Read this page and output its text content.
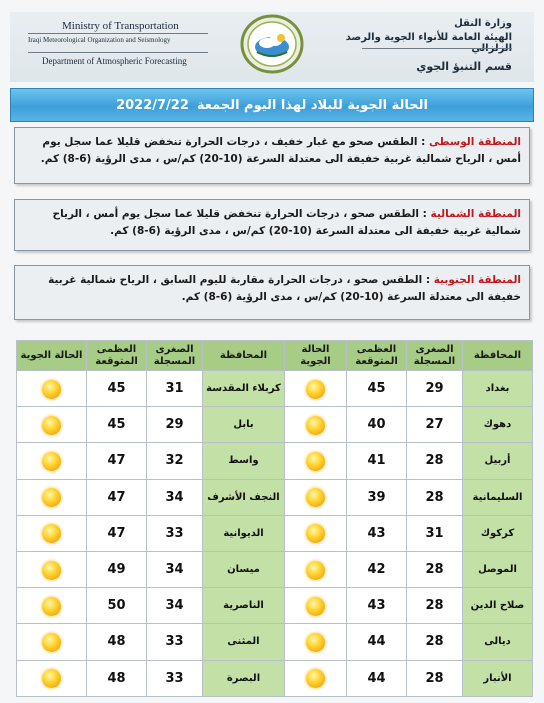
Ministry of Transportation
Iraqi Meteorological Organization and Seismology
Department of Atmospheric Forecasting
وزارة النقل
الهيئة العامة للأنواء الجوية والرصد
قسم التنبؤ الجوي
الحالة الجوية للبلاد لهذا اليوم الجمعة
2022/7/22
المنطقة الوسطى : الطقس صحو مع غبار خفيف ، درجات الحرارة تنخفض قليلا عما سجل يوم أمس ، الرياح شمالية غربية خفيفة الى معتدلة السرعة (10-20) كم/س ، مدى الرؤية (6-8) كم.
المنطقة الشمالية : الطقس صحو ، درجات الحرارة تنخفض قليلا عما سجل يوم أمس ، الرياح شمالية غربية خفيفة الى معتدلة السرعة (10-20) كم/س ، مدى الرؤية (6-8) كم.
المنطقة الجنوبية : الطقس صحو ، درجات الحرارة مقاربة لليوم السابق ، الرياح شمالية غربية خفيفة الى معتدلة السرعة (10-20) كم/س ، مدى الرؤية (6-8) كم.
المحافظة	الصغرى المسجلة	العظمى المتوقعة	الحالة الجوية	المحافظة	الصغرى المسجلة	العظمى المتوقعة	الحالة الجوية
بغداد	29	45		كربلاء المقدسة	31	45	
دهوك	27	40		بابل	29	45	
أربيل	28	41		واسط	32	47	
السليمانية	28	39		النجف الأشرف	34	47	
كركوك	31	43		الديوانية	33	47	
الموصل	28	42		ميسان	34	49	
صلاح الدين	28	43		الناصرية	34	50	
ديالى	28	44		المثنى	33	48	
الأنبار	28	44		البصرة	33	48	
